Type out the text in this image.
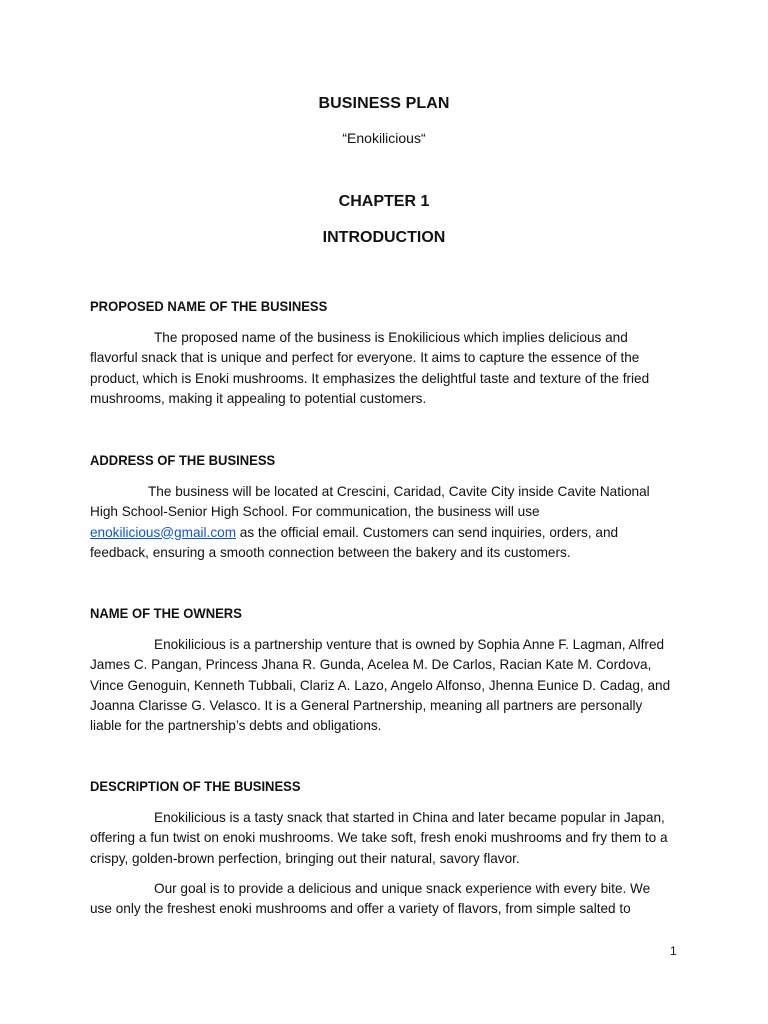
BUSINESS PLAN
“Enokilicious“
CHAPTER 1
INTRODUCTION
PROPOSED NAME OF THE BUSINESS

The proposed name of the business is Enokilicious which implies delicious and flavorful snack that is unique and perfect for everyone. It aims to capture the essence of the product, which is Enoki mushrooms. It emphasizes the delightful taste and texture of the fried mushrooms, making it appealing to potential customers.

ADDRESS OF THE BUSINESS

The business will be located at Crescini, Caridad, Cavite City inside Cavite National High School-Senior High School. For communication, the business will use enokilicious@gmail.com as the official email. Customers can send inquiries, orders, and feedback, ensuring a smooth connection between the bakery and its customers.

NAME OF THE OWNERS

Enokilicious is a partnership venture that is owned by Sophia Anne F. Lagman, Alfred James C. Pangan, Princess Jhana R. Gunda, Acelea M. De Carlos, Racian Kate M. Cordova, Vince Genoguin, Kenneth Tubbali, Clariz A. Lazo, Angelo Alfonso, Jhenna Eunice D. Cadag, and Joanna Clarisse G. Velasco. It is a General Partnership, meaning all partners are personally liable for the partnership’s debts and obligations.

DESCRIPTION OF THE BUSINESS

Enokilicious is a tasty snack that started in China and later became popular in Japan, offering a fun twist on enoki mushrooms. We take soft, fresh enoki mushrooms and fry them to a crispy, golden-brown perfection, bringing out their natural, savory flavor.

Our goal is to provide a delicious and unique snack experience with every bite. We use only the freshest enoki mushrooms and offer a variety of flavors, from simple salted to

1
